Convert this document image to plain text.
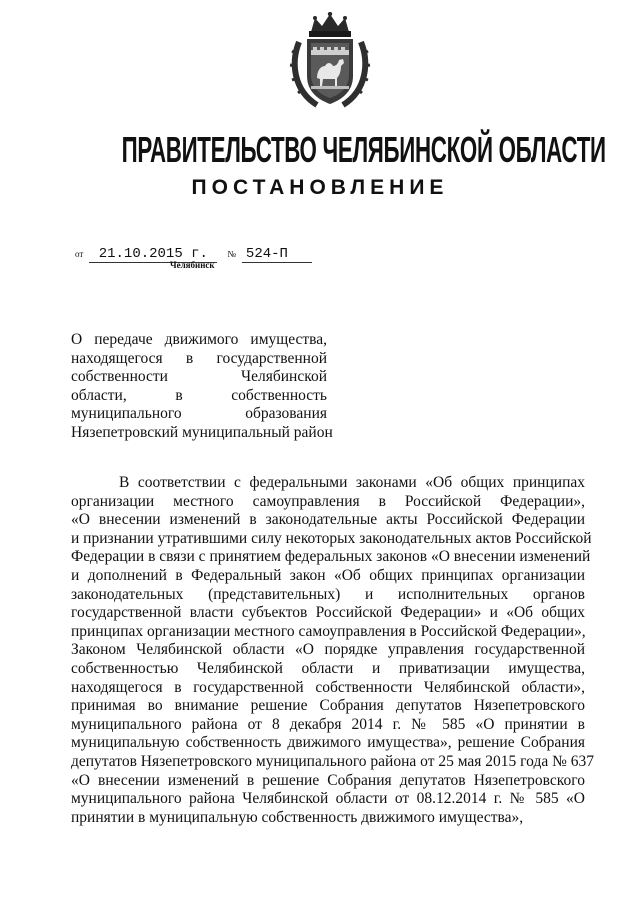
ПРАВИТЕЛЬСТВО ЧЕЛЯБИНСКОЙ ОБЛАСТИ
ПОСТАНОВЛЕНИЕ
от 21.10.2015 г. № 524-П
Челябинск
О передаче движимого имущества,
находящегося в государственной
собственности Челябинской
области, в собственность
муниципального образования
Нязепетровский муниципальный район
В соответствии с федеральными законами «Об общих принципах
организации местного самоуправления в Российской Федерации»,
«О внесении изменений в законодательные акты Российской Федерации
и признании утратившими силу некоторых законодательных актов Российской
Федерации в связи с принятием федеральных законов «О внесении изменений
и дополнений в Федеральный закон «Об общих принципах организации
законодательных (представительных) и исполнительных органов
государственной власти субъектов Российской Федерации» и «Об общих
принципах организации местного самоуправления в Российской Федерации»,
Законом Челябинской области «О порядке управления государственной
собственностью Челябинской области и приватизации имущества,
находящегося в государственной собственности Челябинской области»,
принимая во внимание решение Собрания депутатов Нязепетровского
муниципального района от 8 декабря 2014 г. № 585 «О принятии в
муниципальную собственность движимого имущества», решение Собрания
депутатов Нязепетровского муниципального района от 25 мая 2015 года № 637
«О внесении изменений в решение Собрания депутатов Нязепетровского
муниципального района Челябинской области от 08.12.2014 г. № 585 «О
принятии в муниципальную собственность движимого имущества»,
